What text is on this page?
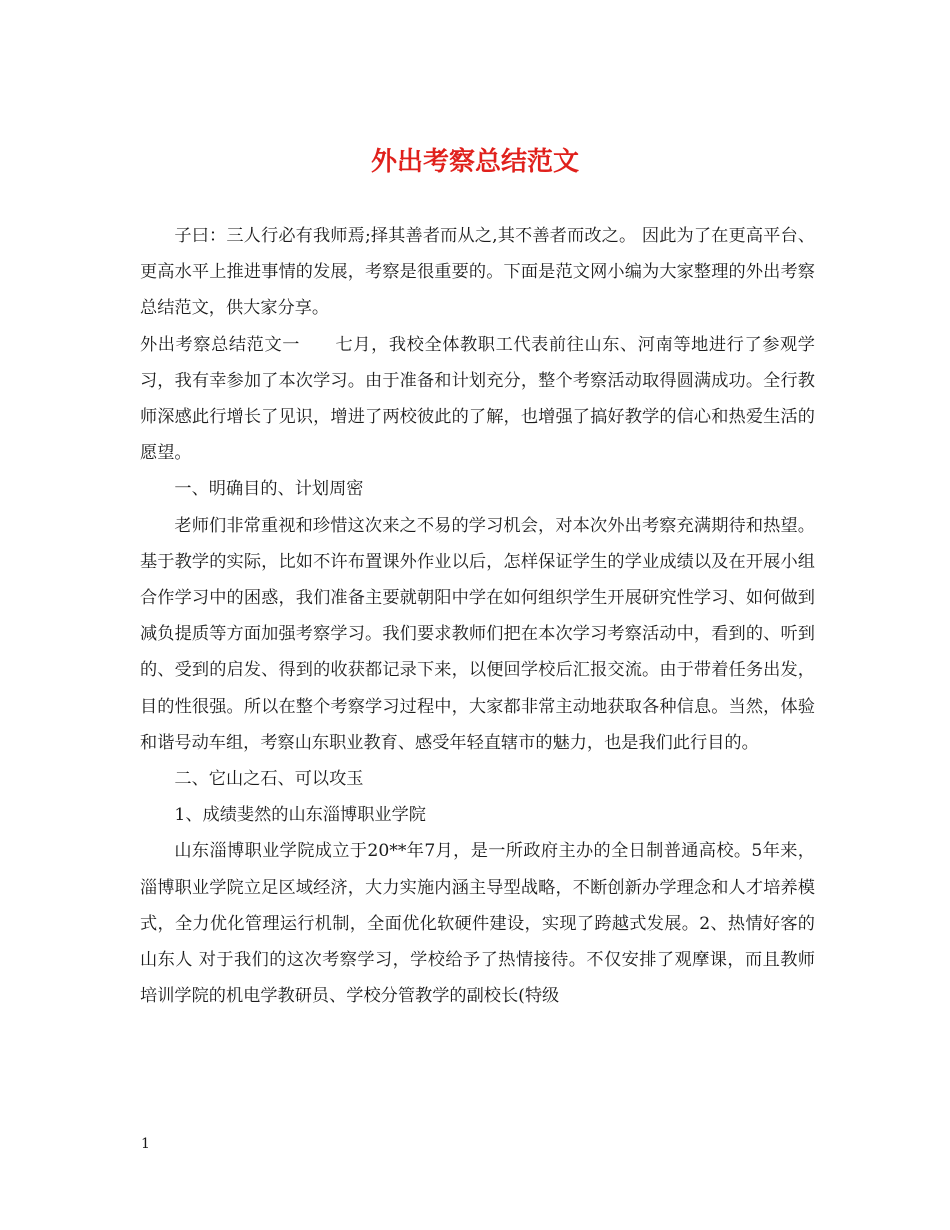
外出考察总结范文

子曰：三人行必有我师焉;择其善者而从之,其不善者而改之。 因此为了在更高平台、更高水平上推进事情的发展，考察是很重要的。下面是范文网小编为大家整理的外出考察总结范文，供大家分享。

外出考察总结范文一　　七月，我校全体教职工代表前往山东、河南等地进行了参观学习，我有幸参加了本次学习。由于准备和计划充分，整个考察活动取得圆满成功。全行教师深感此行增长了见识，增进了两校彼此的了解，也增强了搞好教学的信心和热爱生活的愿望。

一、明确目的、计划周密

老师们非常重视和珍惜这次来之不易的学习机会，对本次外出考察充满期待和热望。基于教学的实际，比如不许布置课外作业以后，怎样保证学生的学业成绩以及在开展小组合作学习中的困惑，我们准备主要就朝阳中学在如何组织学生开展研究性学习、如何做到减负提质等方面加强考察学习。我们要求教师们把在本次学习考察活动中，看到的、听到的、受到的启发、得到的收获都记录下来，以便回学校后汇报交流。由于带着任务出发，目的性很强。所以在整个考察学习过程中，大家都非常主动地获取各种信息。当然，体验和谐号动车组，考察山东职业教育、感受年轻直辖市的魅力，也是我们此行目的。

二、它山之石、可以攻玉

1、成绩斐然的山东淄博职业学院

山东淄博职业学院成立于20**年7月，是一所政府主办的全日制普通高校。5年来，淄博职业学院立足区域经济，大力实施内涵主导型战略，不断创新办学理念和人才培养模式，全力优化管理运行机制，全面优化软硬件建设，实现了跨越式发展。2、热情好客的山东人 对于我们的这次考察学习，学校给予了热情接待。不仅安排了观摩课，而且教师培训学院的机电学教研员、学校分管教学的副校长(特级

1
